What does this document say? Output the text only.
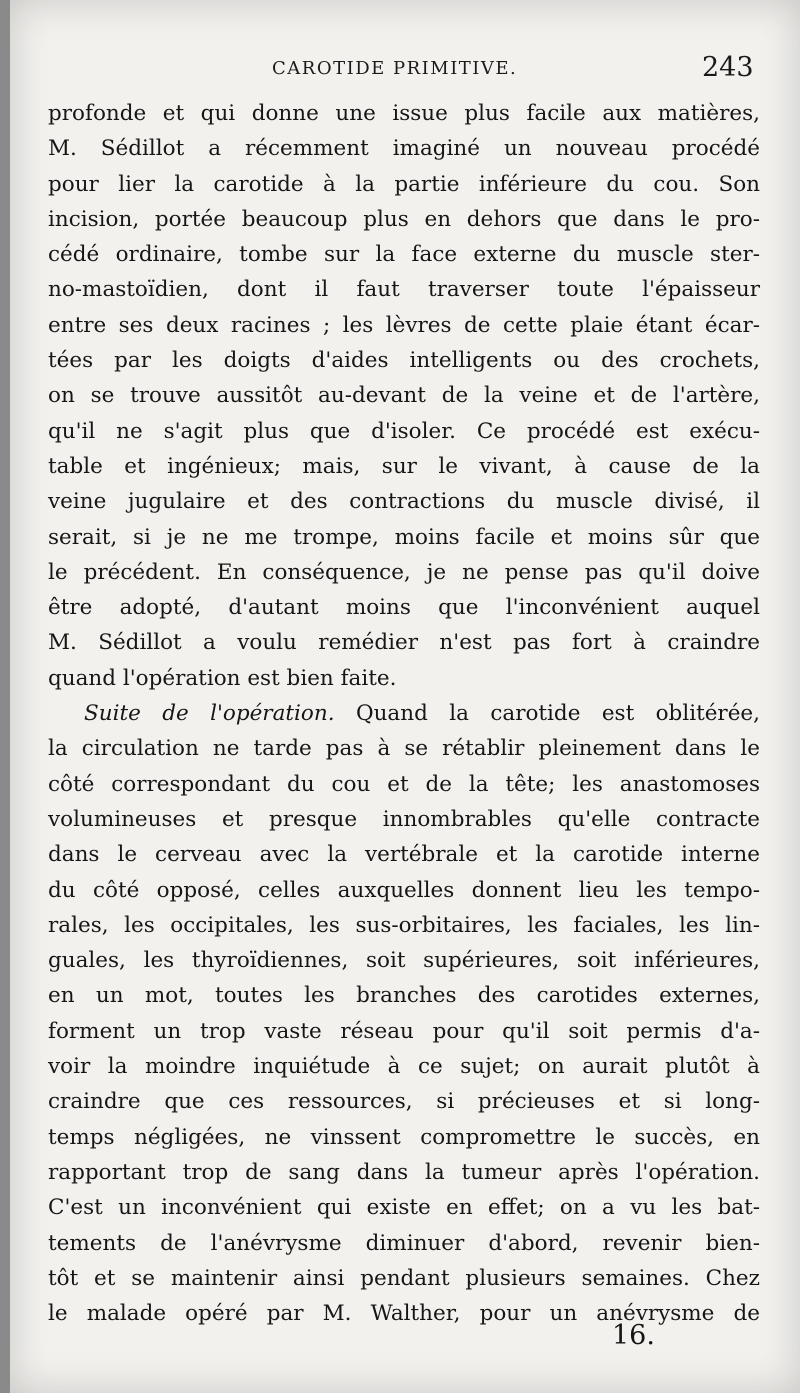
CAROTIDE PRIMITIVE.	243
profonde et qui donne une issue plus facile aux matières,
M. Sédillot a récemment imaginé un nouveau procédé
pour lier la carotide à la partie inférieure du cou. Son
incision, portée beaucoup plus en dehors que dans le pro-
cédé ordinaire, tombe sur la face externe du muscle ster-
no-mastoïdien, dont il faut traverser toute l'épaisseur
entre ses deux racines ; les lèvres de cette plaie étant écar-
tées par les doigts d'aides intelligents ou des crochets,
on se trouve aussitôt au-devant de la veine et de l'artère,
qu'il ne s'agit plus que d'isoler. Ce procédé est exécu-
table et ingénieux; mais, sur le vivant, à cause de la
veine jugulaire et des contractions du muscle divisé, il
serait, si je ne me trompe, moins facile et moins sûr que
le précédent. En conséquence, je ne pense pas qu'il doive
être adopté, d'autant moins que l'inconvénient auquel
M. Sédillot a voulu remédier n'est pas fort à craindre
quand l'opération est bien faite.
Suite de l'opération. Quand la carotide est oblitérée,
la circulation ne tarde pas à se rétablir pleinement dans le
côté correspondant du cou et de la tête; les anastomoses
volumineuses et presque innombrables qu'elle contracte
dans le cerveau avec la vertébrale et la carotide interne
du côté opposé, celles auxquelles donnent lieu les tempo-
rales, les occipitales, les sus-orbitaires, les faciales, les lin-
guales, les thyroïdiennes, soit supérieures, soit inférieures,
en un mot, toutes les branches des carotides externes,
forment un trop vaste réseau pour qu'il soit permis d'a-
voir la moindre inquiétude à ce sujet; on aurait plutôt à
craindre que ces ressources, si précieuses et si long-
temps négligées, ne vinssent compromettre le succès, en
rapportant trop de sang dans la tumeur après l'opération.
C'est un inconvénient qui existe en effet; on a vu les bat-
tements de l'anévrysme diminuer d'abord, revenir bien-
tôt et se maintenir ainsi pendant plusieurs semaines. Chez
le malade opéré par M. Walther, pour un anévrysme de
16.
